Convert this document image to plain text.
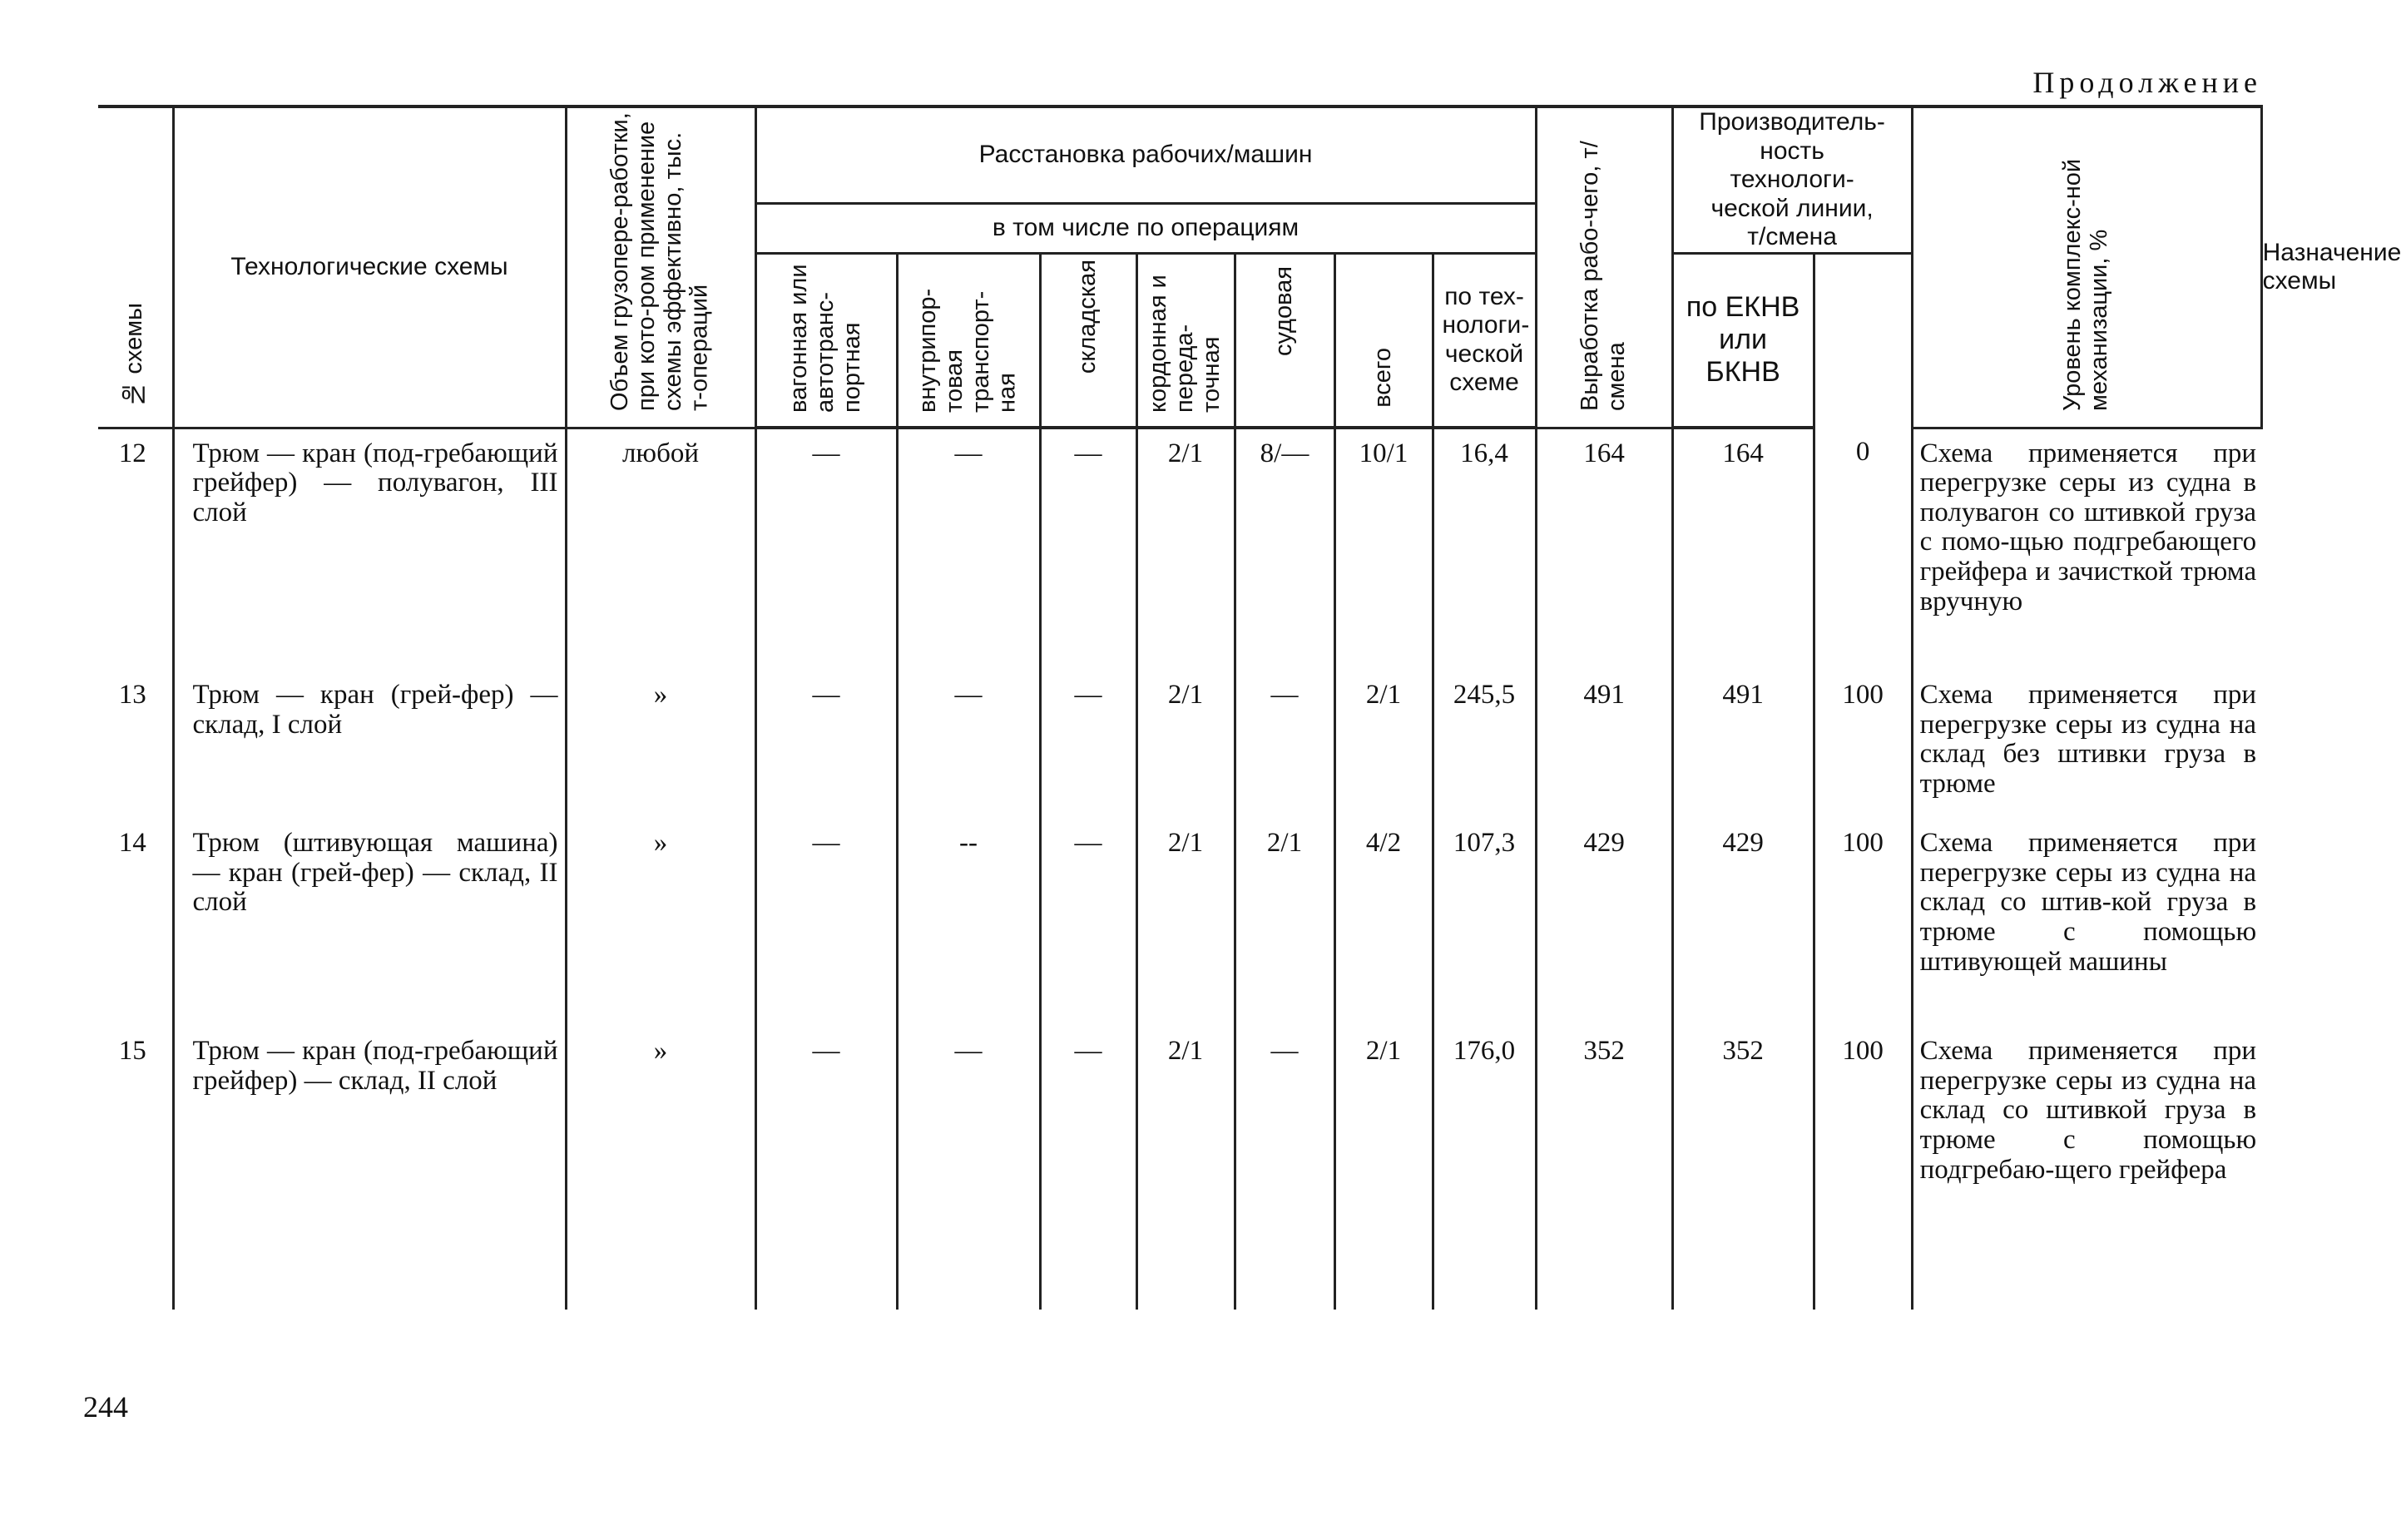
Продолжение
№ схемы	Технологические схемы	Объем грузопере-работки, при кото-ром применение схемы эффективно, тыс. т-операций	Расстановка рабочих/машин							Выработка рабо-чего, т/смена	Производитель-ность технологи-ческой линии, т/смена		Уровень комплекс-ной механизации, %	Назначение схемы
			в том числе по операциям											
			вагонная или автотранс-портная	внутрипор-товая транспорт-ная	складская	кордонная и переда-точная	судовая	всего	по тех-нологи-ческой схеме		по ЕКНВ или БКНВ			
12	Трюм — кран (под-гребающий грейфер) — полувагон, III слой	любой	—	—	—	2/1	8/—	10/1	16,4	164	164	0	Схема применяется при перегрузке серы из судна в полувагон со штивкой груза с помо-щью подгребающего грейфера и зачисткой трюма вручную	
13	Трюм — кран (грей-фер) — склад, I слой	»	—	—	—	2/1	—	2/1	245,5	491	491	100	Схема применяется при перегрузке серы из судна на склад без штивки груза в трюме	
14	Трюм (штивующая машина) — кран (грей-фер) — склад, II слой	»	—	--	—	2/1	2/1	4/2	107,3	429	429	100	Схема применяется при перегрузке серы из судна на склад со штив-кой груза в трюме с помощью штивующей машины	
15	Трюм — кран (под-гребающий грейфер) — склад, II слой	»	—	—	—	2/1	—	2/1	176,0	352	352	100	Схема применяется при перегрузке серы из судна на склад со штивкой груза в трюме с помощью подгребаю-щего грейфера	
244
